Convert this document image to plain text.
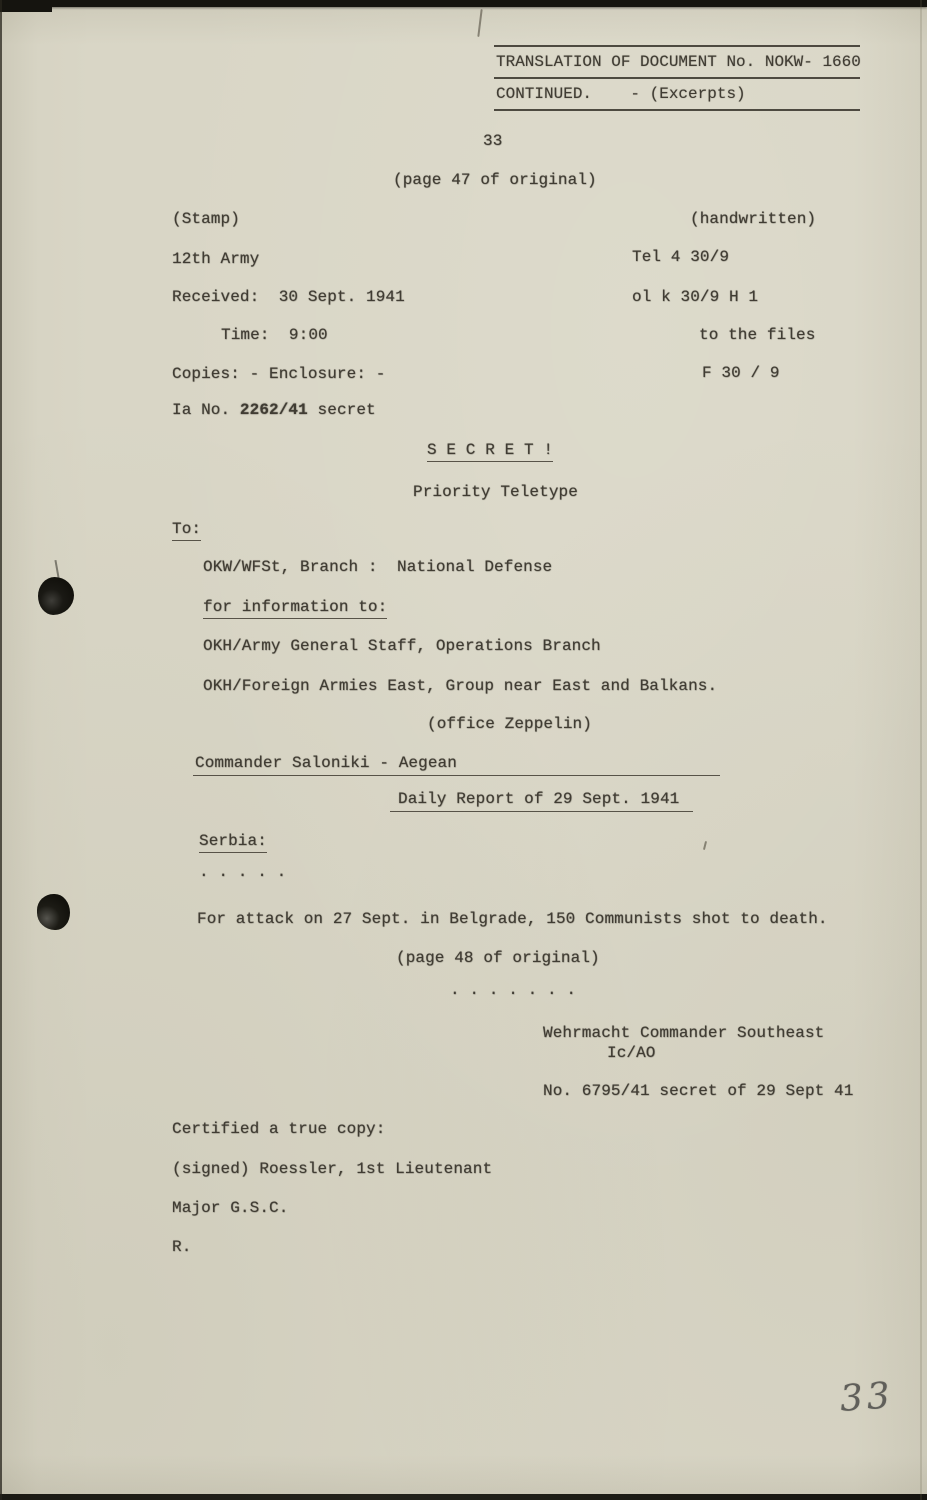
TRANSLATION OF DOCUMENT No. NOKW- 1660
CONTINUED.    - (Excerpts)
33
(page 47 of original)
(Stamp)	(handwritten)
12th Army	Tel 4 30/9
Received:  30 Sept. 1941	ol k 30/9 H 1
Time:  9:00	to the files
Copies: - Enclosure: -	F 30 / 9
Ia No. 2262/41 secret
S E C R E T !
Priority Teletype
To:
OKW/WFSt, Branch :  National Defense
for information to:
OKH/Army General Staff, Operations Branch
OKH/Foreign Armies East, Group near East and Balkans.
(office Zeppelin)
Commander Saloniki - Aegean
Daily Report of 29 Sept. 1941
Serbia:
. . . . .
For attack on 27 Sept. in Belgrade, 150 Communists shot to death.
(page 48 of original)
. . . . . . .
Wehrmacht Commander Southeast
Ic/AO
No. 6795/41 secret of 29 Sept 41
Certified a true copy:
(signed) Roessler, 1st Lieutenant
Major G.S.C.
R.
33
